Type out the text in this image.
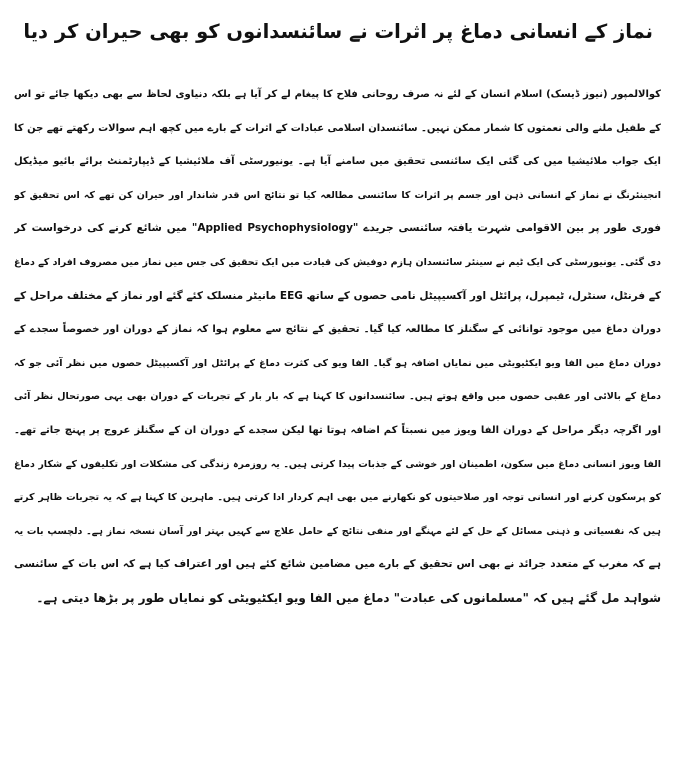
نماز کے انسانی دماغ پر اثرات نے سائنسدانوں کو بھی حیران کر دیا
کوالالمپور (نیوز ڈیسک) اسلام انسان کے لئے نہ صرف روحانی فلاح کا پیغام لے کر آیا ہے بلکہ دنیاوی لحاظ سے بھی دیکھا جائے تو اس
کے طفیل ملنے والی نعمتوں کا شمار ممکن نہیں۔ سائنسدان اسلامی عبادات کے اثرات کے بارے میں کچھ اہم سوالات رکھتے تھے جن کا
ایک جواب ملائیشیا میں کی گئی ایک سائنسی تحقیق میں سامنے آیا ہے۔ یونیورسٹی آف ملائیشیا کے ڈیپارٹمنٹ برائے بائیو میڈیکل
انجینئرنگ نے نماز کے انسانی ذہن اور جسم پر اثرات کا سائنسی مطالعہ کیا تو نتائج اس قدر شاندار اور حیران کن تھے کہ اس تحقیق کو
فوری طور پر بین الاقوامی شہرت یافتہ سائنسی جریدے "Applied Psychophysiology" میں شائع کرنے کی درخواست کر
دی گئی۔ یونیورسٹی کی ایک ٹیم نے سینئر سائنسدان ہازم دوفیش کی قیادت میں ایک تحقیق کی جس میں نماز میں مصروف افراد کے دماغ
کے فرنٹل، سنٹرل، ٹیمپرل، پرائٹل اور آکسیپیٹل نامی حصوں کے ساتھ EEG مانیٹر منسلک کئے گئے اور نماز کے مختلف مراحل کے
دوران دماغ میں موجود توانائی کے سگنلز کا مطالعہ کیا گیا۔ تحقیق کے نتائج سے معلوم ہوا کہ نماز کے دوران اور خصوصاً سجدے کے
دوران دماغ میں الفا ویو ایکٹیویٹی میں نمایاں اضافہ ہو گیا۔ الفا ویو کی کثرت دماغ کے پرائٹل اور آکسیپیٹل حصوں میں نظر آئی جو کہ
دماغ کے بالائی اور عقبی حصوں میں واقع ہوتے ہیں۔ سائنسدانوں کا کہنا ہے کہ بار بار کے تجربات کے دوران بھی یہی صورتحال نظر آئی
اور اگرچہ دیگر مراحل کے دوران الفا ویوز میں نسبتاً کم اضافہ ہوتا تھا لیکن سجدے کے دوران ان کے سگنلز عروج پر پہنچ جاتے تھے۔
الفا ویوز انسانی دماغ میں سکون، اطمینان اور خوشی کے جذبات پیدا کرتی ہیں۔ یہ روزمرہ زندگی کی مشکلات اور تکلیفوں کے شکار دماغ
کو پرسکون کرنے اور انسانی توجہ اور صلاحیتوں کو نکھارنے میں بھی اہم کردار ادا کرتی ہیں۔ ماہرین کا کہنا ہے کہ یہ تجربات ظاہر کرتے
ہیں کہ نفسیاتی و ذہنی مسائل کے حل کے لئے مہنگے اور منفی نتائج کے حامل علاج سے کہیں بہتر اور آسان نسخہ نماز ہے۔ دلچسپ بات یہ
ہے کہ مغرب کے متعدد جرائد نے بھی اس تحقیق کے بارے میں مضامین شائع کئے ہیں اور اعتراف کیا ہے کہ اس بات کے سائنسی
شواہد مل گئے ہیں کہ "مسلمانوں کی عبادت" دماغ میں الفا ویو ایکٹیویٹی کو نمایاں طور پر بڑھا دیتی ہے۔
